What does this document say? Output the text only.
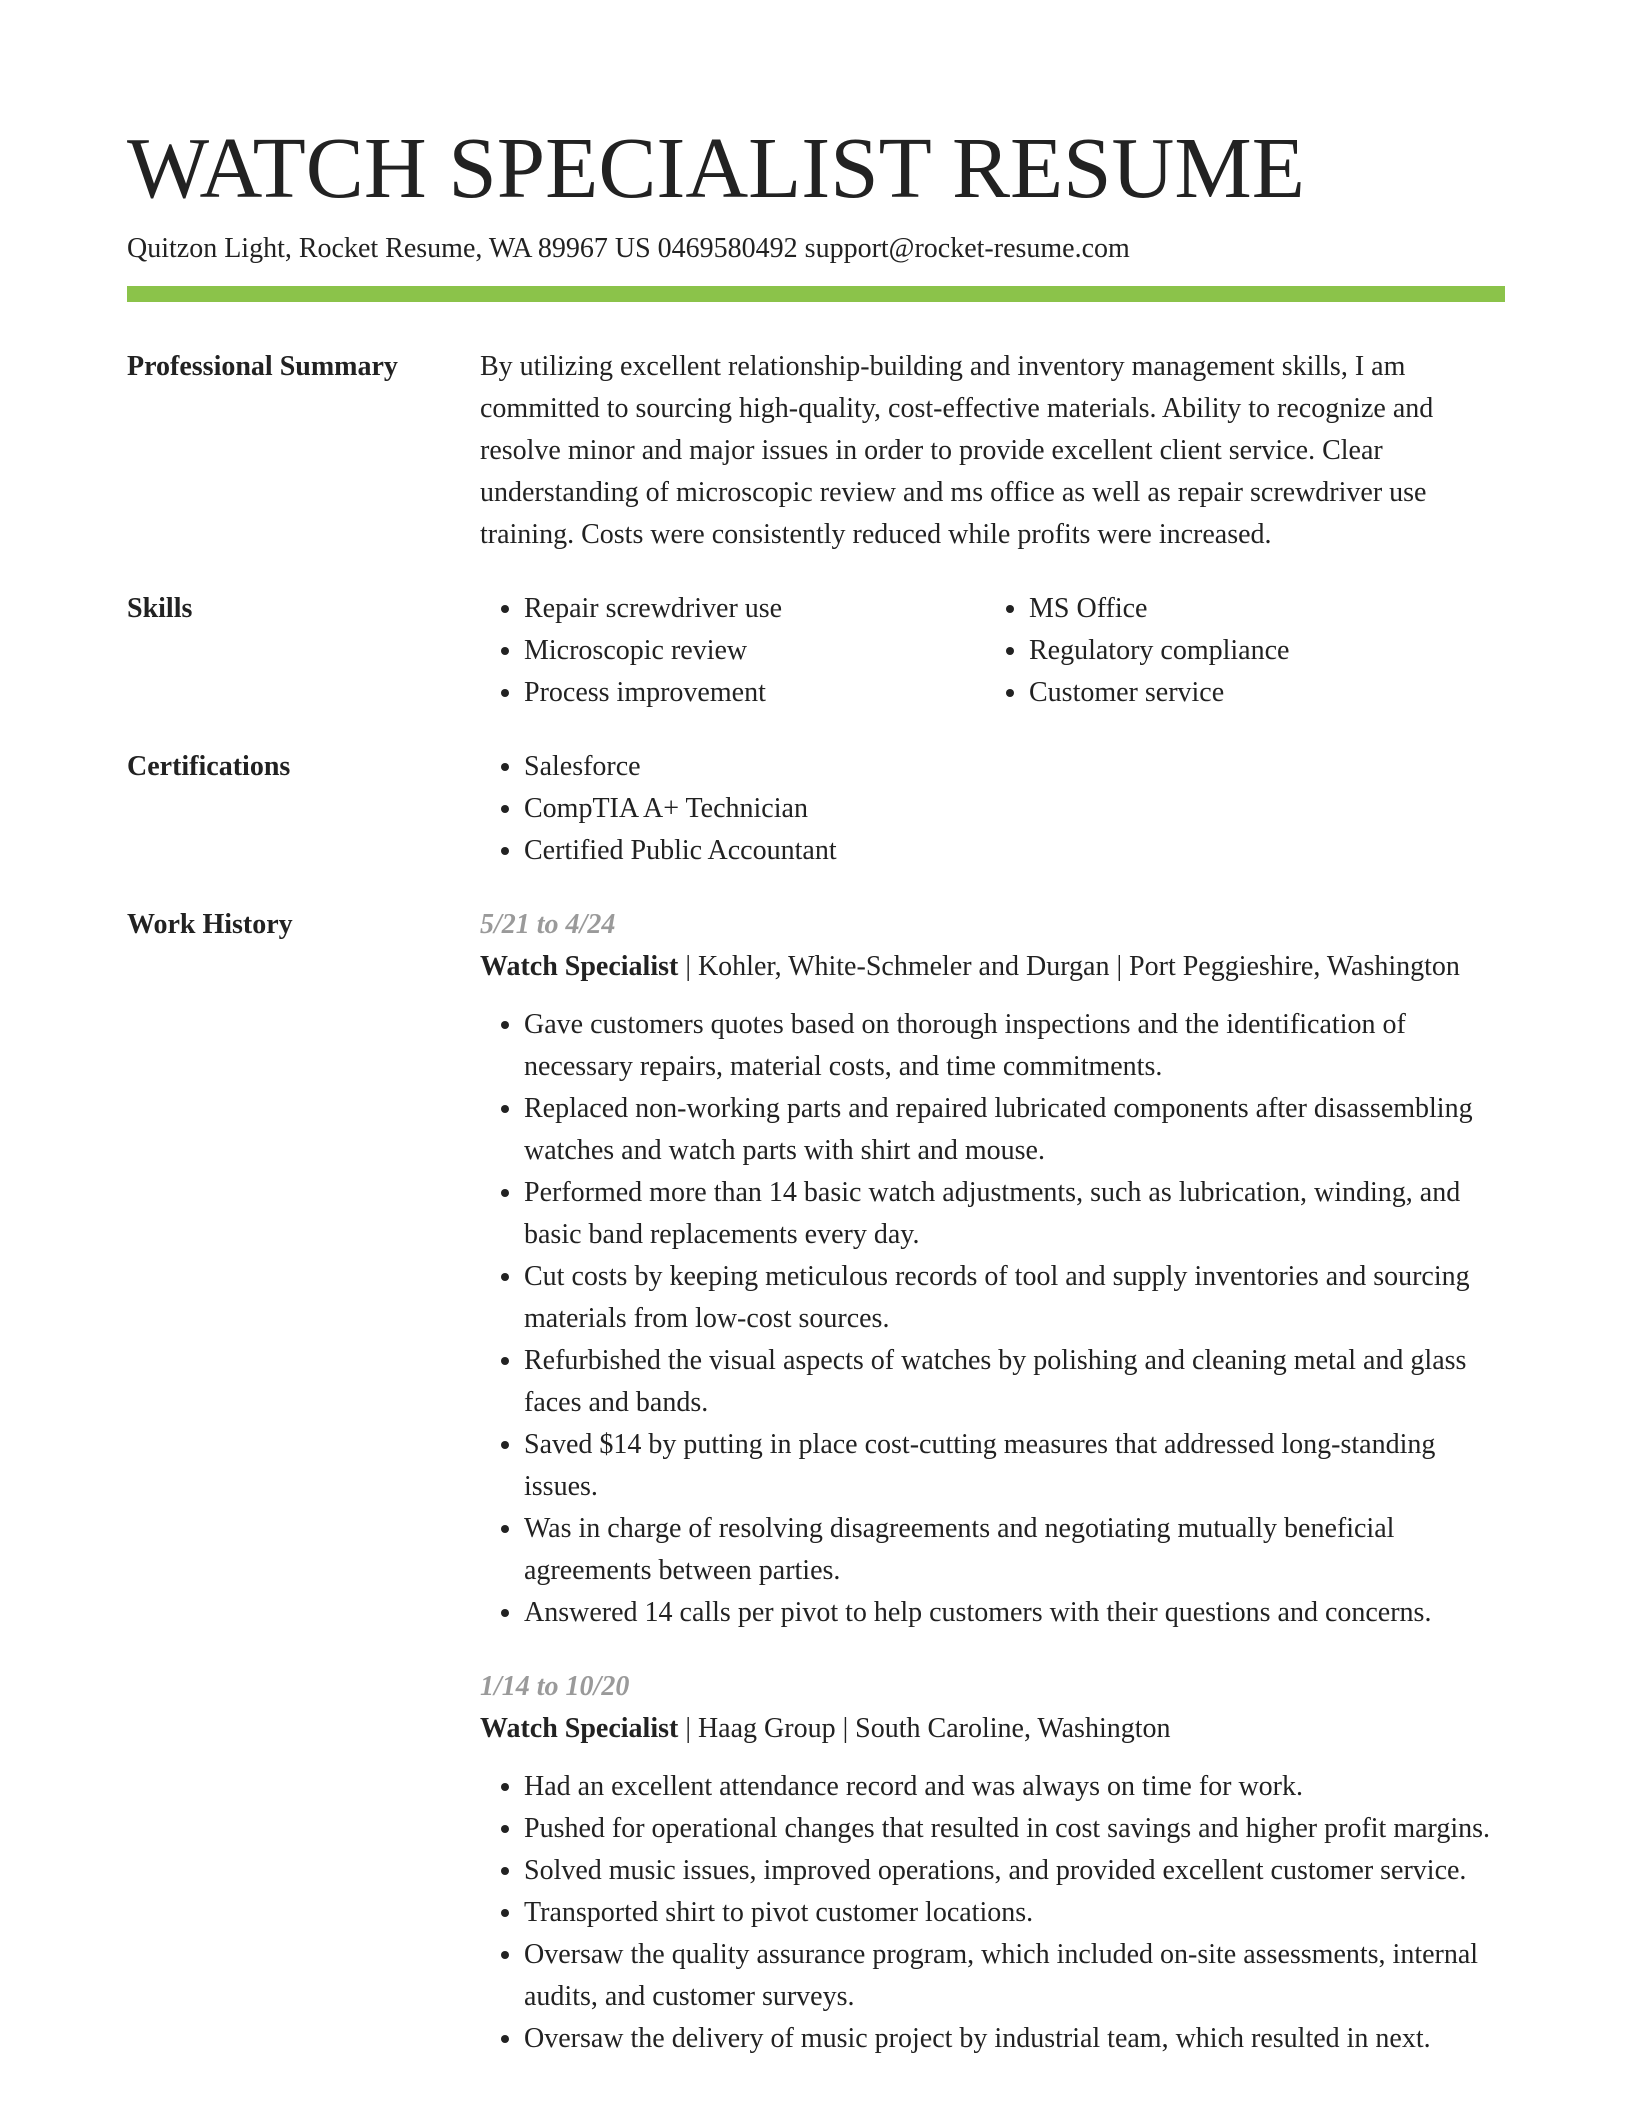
WATCH SPECIALIST RESUME
Quitzon Light, Rocket Resume, WA 89967 US 0469580492 support@rocket-resume.com
Professional Summary	By utilizing excellent relationship-building and inventory management skills, I am committed to sourcing high-quality, cost-effective materials. Ability to recognize and resolve minor and major issues in order to provide excellent client service. Clear understanding of microscopic review and ms office as well as repair screwdriver use training. Costs were consistently reduced while profits were increased.

Skills	• Repair screwdriver use
• Microscopic review
• Process improvement
• MS Office
• Regulatory compliance
• Customer service
Certifications	• Salesforce
• CompTIA A+ Technician
• Certified Public Accountant
Work History	5/21 to 4/24
Watch Specialist | Kohler, White-Schmeler and Durgan | Port Peggieshire, Washington
• Gave customers quotes based on thorough inspections and the identification of necessary repairs, material costs, and time commitments.
• Replaced non-working parts and repaired lubricated components after disassembling watches and watch parts with shirt and mouse.
• Performed more than 14 basic watch adjustments, such as lubrication, winding, and basic band replacements every day.
• Cut costs by keeping meticulous records of tool and supply inventories and sourcing materials from low-cost sources.
• Refurbished the visual aspects of watches by polishing and cleaning metal and glass faces and bands.
• Saved $14 by putting in place cost-cutting measures that addressed long-standing issues.
• Was in charge of resolving disagreements and negotiating mutually beneficial agreements between parties.
• Answered 14 calls per pivot to help customers with their questions and concerns.
1/14 to 10/20
Watch Specialist | Haag Group | South Caroline, Washington
• Had an excellent attendance record and was always on time for work.
• Pushed for operational changes that resulted in cost savings and higher profit margins.
• Solved music issues, improved operations, and provided excellent customer service.
• Transported shirt to pivot customer locations.
• Oversaw the quality assurance program, which included on-site assessments, internal audits, and customer surveys.
• Oversaw the delivery of music project by industrial team, which resulted in next.
